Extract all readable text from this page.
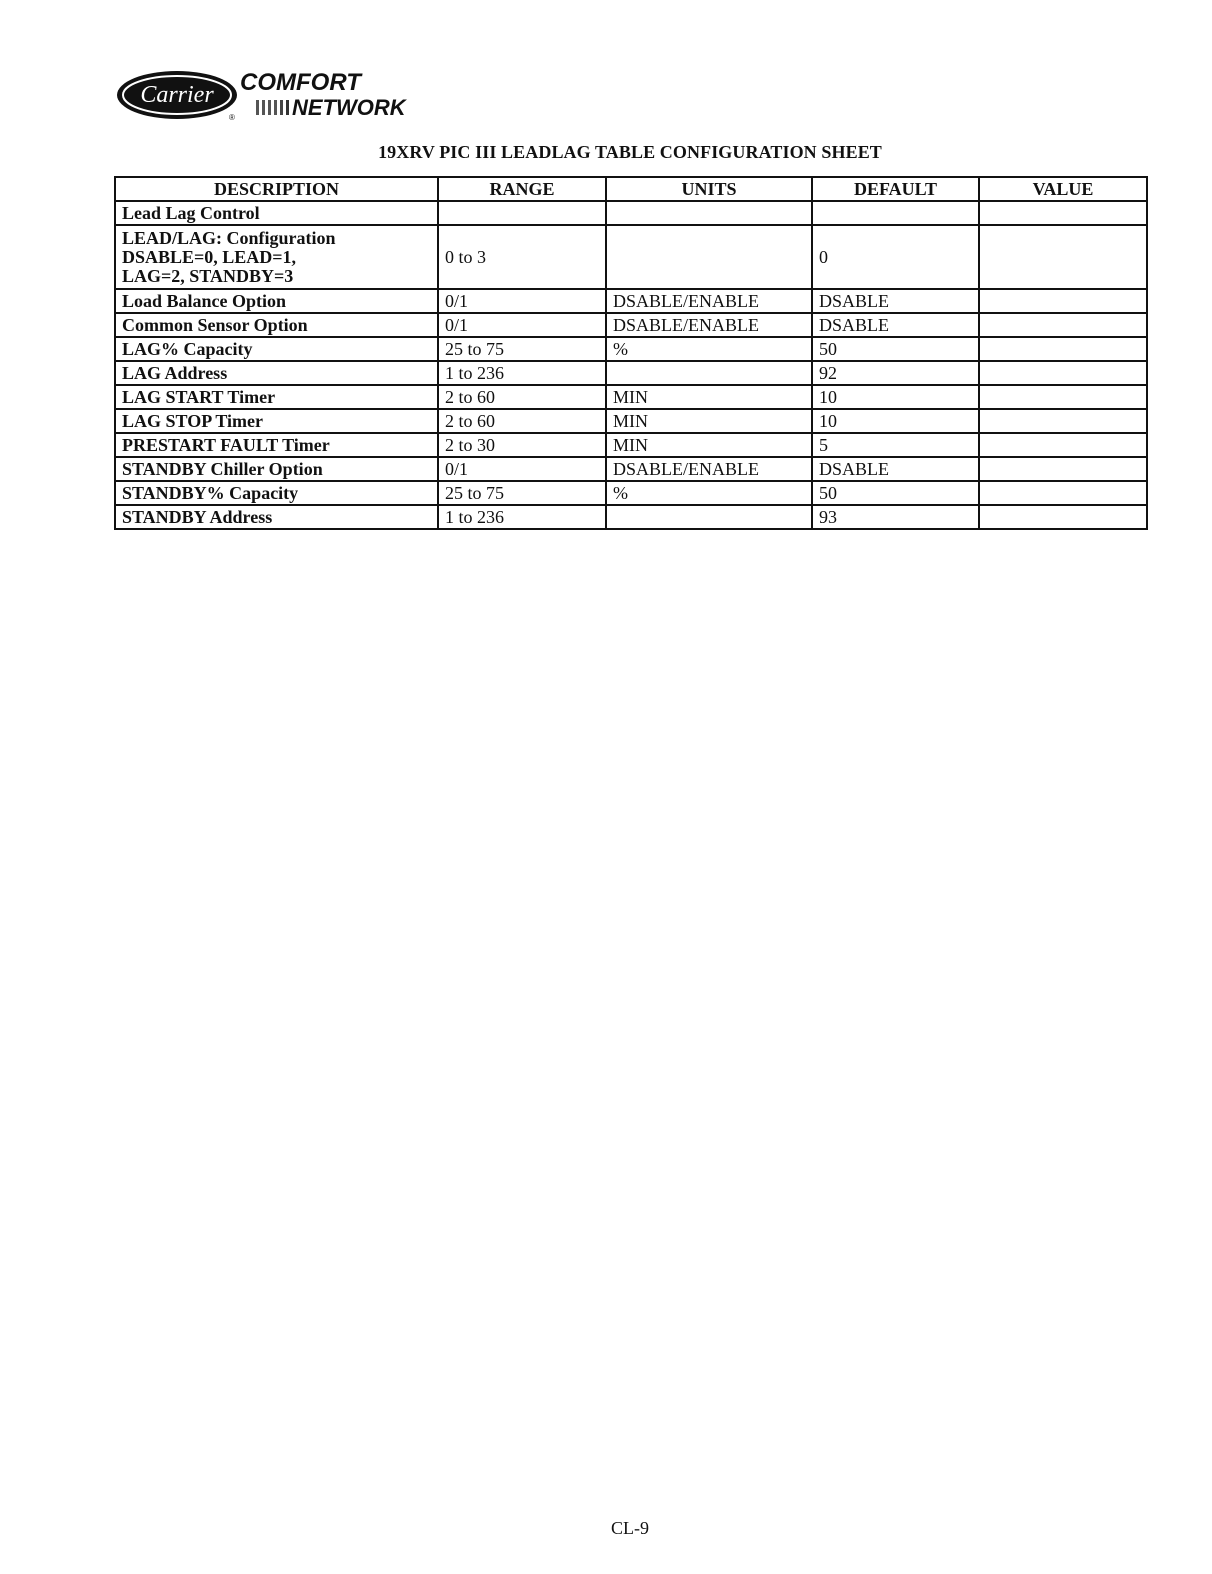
Carrier
®
COMFORT
NETWORK
19XRV PIC III LEADLAG TABLE CONFIGURATION SHEET
DESCRIPTION	RANGE	UNITS	DEFAULT	VALUE
Lead Lag Control				
LEAD/LAG: Configuration
DSABLE=0, LEAD=1,
LAG=2, STANDBY=3	0 to 3		0	
Load Balance Option	0/1	DSABLE/ENABLE	DSABLE	
Common Sensor Option	0/1	DSABLE/ENABLE	DSABLE	
LAG% Capacity	25 to 75	%	50	
LAG Address	1 to 236		92	
LAG START Timer	2 to 60	MIN	10	
LAG STOP Timer	2 to 60	MIN	10	
PRESTART FAULT Timer	2 to 30	MIN	5	
STANDBY Chiller Option	0/1	DSABLE/ENABLE	DSABLE	
STANDBY% Capacity	25 to 75	%	50	
STANDBY Address	1 to 236		93	
CL-9
